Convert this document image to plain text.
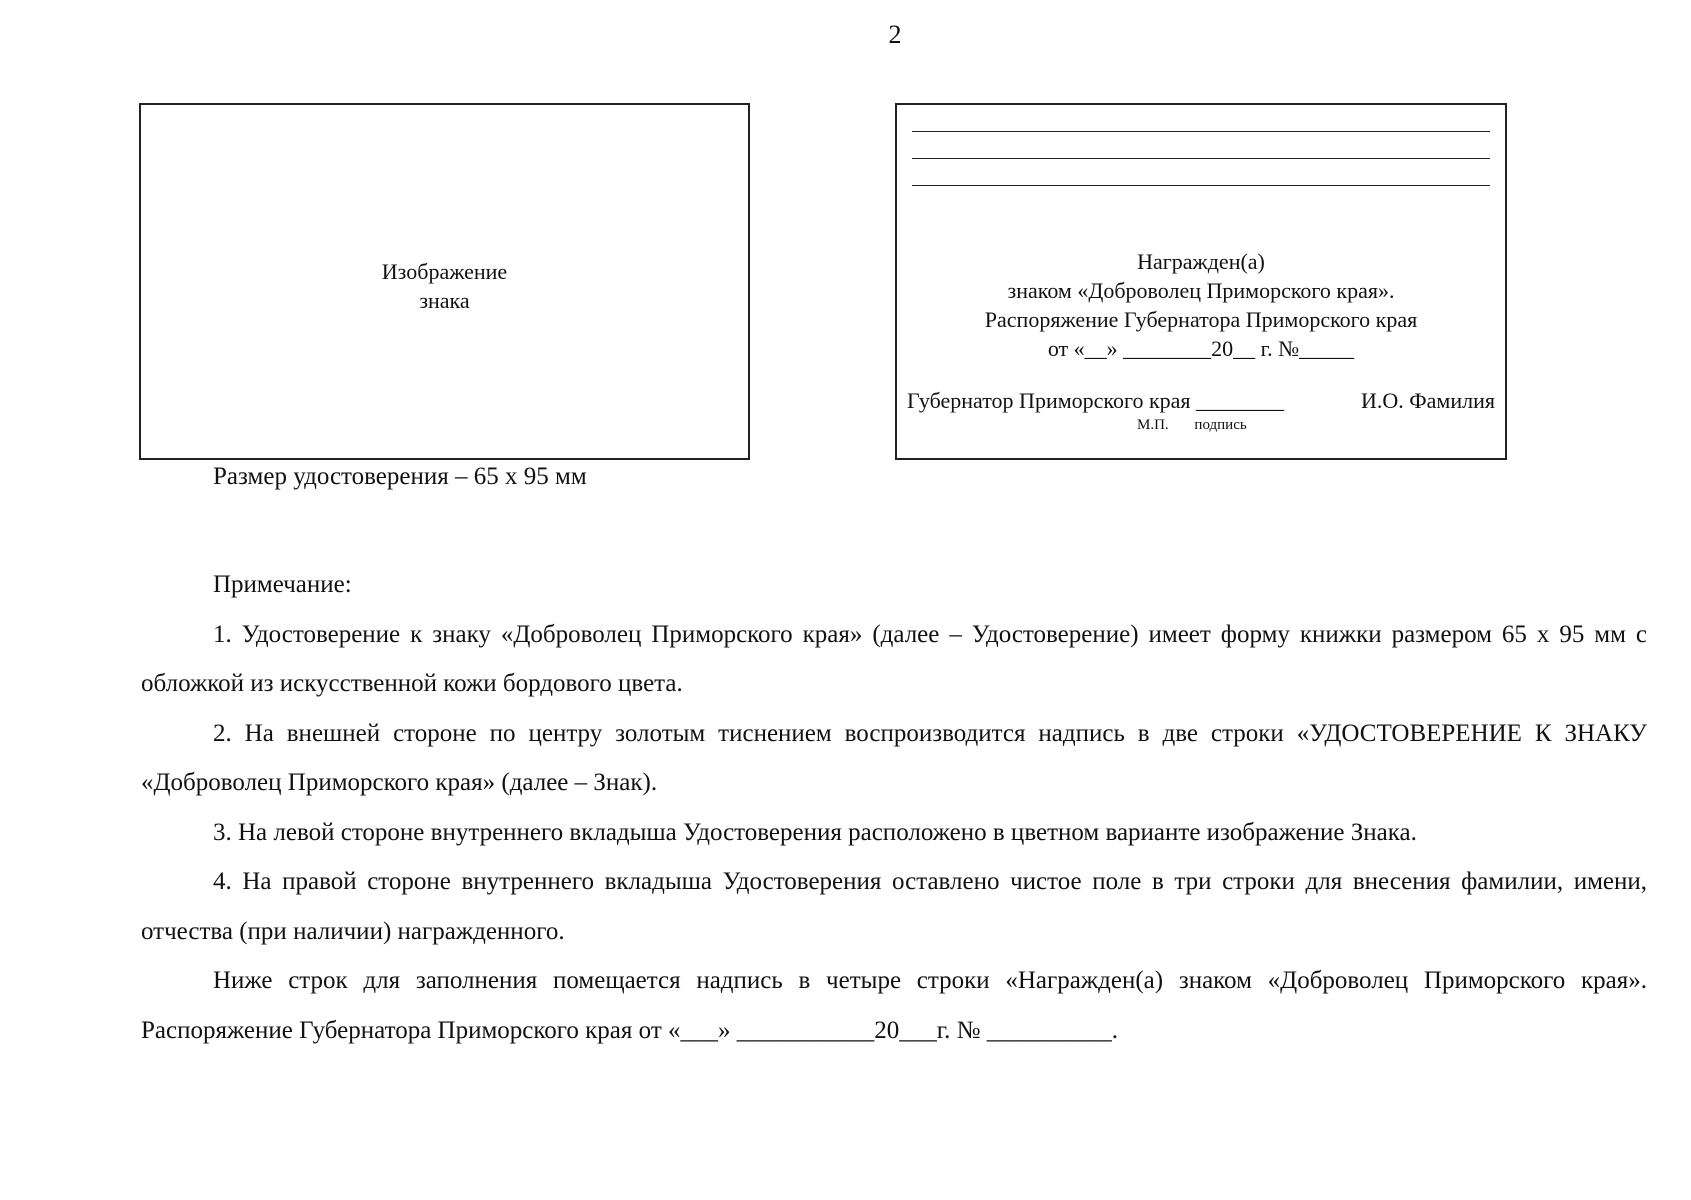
2
Изображение
знака
Награжден(а)
знаком «Доброволец Приморского края».
Распоряжение Губернатора Приморского края
от «__» ________20__ г. №_____
Губернатор Приморского края ________	И.О. Фамилия
М.П. подпись
Размер удостоверения – 65 х 95 мм

Примечание:

1. Удостоверение к знаку «Доброволец Приморского края» (далее – Удостоверение) имеет форму книжки размером 65 х 95 мм с обложкой из искусственной кожи бордового цвета.

2. На внешней стороне по центру золотым тиснением воспроизводится надпись в две строки «УДОСТОВЕРЕНИЕ К ЗНАКУ «Доброволец Приморского края» (далее – Знак).

3. На левой стороне внутреннего вкладыша Удостоверения расположено в цветном варианте изображение Знака.

4. На правой стороне внутреннего вкладыша Удостоверения оставлено чистое поле в три строки для внесения фамилии, имени, отчества (при наличии) награжденного.

Ниже строк для заполнения помещается надпись в четыре строки «Награжден(а) знаком «Доброволец Приморского края». Распоряжение Губернатора Приморского края от «___» ___________20___г. № __________.
